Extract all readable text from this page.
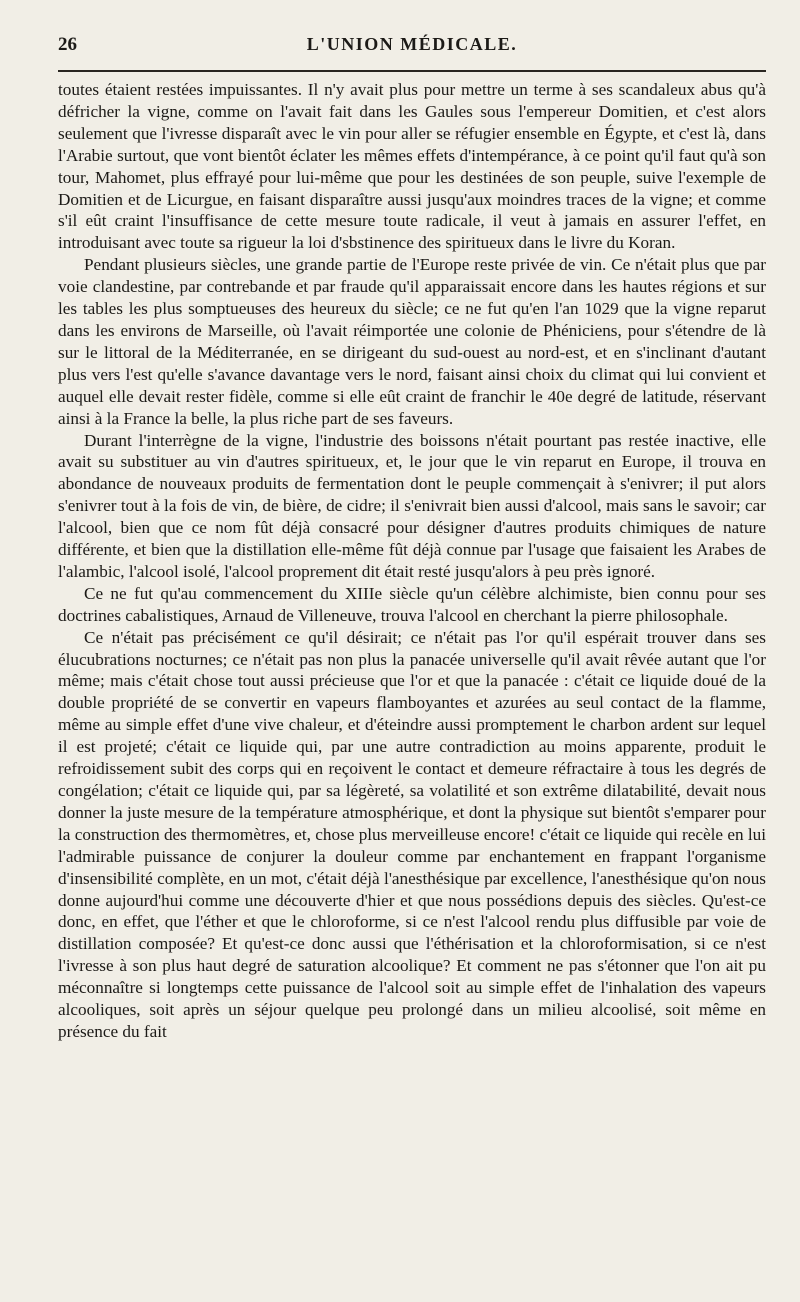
26	L'UNION MÉDICALE.

toutes étaient restées impuissantes. Il n'y avait plus pour mettre un terme à ses scandaleux abus qu'à défricher la vigne, comme on l'avait fait dans les Gaules sous l'empereur Domitien, et c'est alors seulement que l'ivresse disparaît avec le vin pour aller se réfugier ensemble en Égypte, et c'est là, dans l'Arabie surtout, que vont bientôt éclater les mêmes effets d'intempérance, à ce point qu'il faut qu'à son tour, Mahomet, plus effrayé pour lui-même que pour les destinées de son peuple, suive l'exemple de Domitien et de Licurgue, en faisant disparaître aussi jusqu'aux moindres traces de la vigne; et comme s'il eût craint l'insuffisance de cette mesure toute radicale, il veut à jamais en assurer l'effet, en introduisant avec toute sa rigueur la loi d'sbstinence des spiritueux dans le livre du Koran.

Pendant plusieurs siècles, une grande partie de l'Europe reste privée de vin. Ce n'était plus que par voie clandestine, par contrebande et par fraude qu'il apparaissait encore dans les hautes régions et sur les tables les plus somptueuses des heureux du siècle; ce ne fut qu'en l'an 1029 que la vigne reparut dans les environs de Marseille, où l'avait réimportée une colonie de Phéniciens, pour s'étendre de là sur le littoral de la Méditerranée, en se dirigeant du sud-ouest au nord-est, et en s'inclinant d'autant plus vers l'est qu'elle s'avance davantage vers le nord, faisant ainsi choix du climat qui lui convient et auquel elle devait rester fidèle, comme si elle eût craint de franchir le 40e degré de latitude, réservant ainsi à la France la belle, la plus riche part de ses faveurs.

Durant l'interrègne de la vigne, l'industrie des boissons n'était pourtant pas restée inactive, elle avait su substituer au vin d'autres spiritueux, et, le jour que le vin reparut en Europe, il trouva en abondance de nouveaux produits de fermentation dont le peuple commençait à s'enivrer; il put alors s'enivrer tout à la fois de vin, de bière, de cidre; il s'enivrait bien aussi d'alcool, mais sans le savoir; car l'alcool, bien que ce nom fût déjà consacré pour désigner d'autres produits chimiques de nature différente, et bien que la distillation elle-même fût déjà connue par l'usage que faisaient les Arabes de l'alambic, l'alcool isolé, l'alcool proprement dit était resté jusqu'alors à peu près ignoré.

Ce ne fut qu'au commencement du XIIIe siècle qu'un célèbre alchimiste, bien connu pour ses doctrines cabalistiques, Arnaud de Villeneuve, trouva l'alcool en cherchant la pierre philosophale.

Ce n'était pas précisément ce qu'il désirait; ce n'était pas l'or qu'il espérait trouver dans ses élucubrations nocturnes; ce n'était pas non plus la panacée universelle qu'il avait rêvée autant que l'or même; mais c'était chose tout aussi précieuse que l'or et que la panacée : c'était ce liquide doué de la double propriété de se convertir en vapeurs flamboyantes et azurées au seul contact de la flamme, même au simple effet d'une vive chaleur, et d'éteindre aussi promptement le charbon ardent sur lequel il est projeté; c'était ce liquide qui, par une autre contradiction au moins apparente, produit le refroidissement subit des corps qui en reçoivent le contact et demeure réfractaire à tous les degrés de congélation; c'était ce liquide qui, par sa légèreté, sa volatilité et son extrême dilatabilité, devait nous donner la juste mesure de la température atmosphérique, et dont la physique sut bientôt s'emparer pour la construction des thermomètres, et, chose plus merveilleuse encore! c'était ce liquide qui recèle en lui l'admirable puissance de conjurer la douleur comme par enchantement en frappant l'organisme d'insensibilité complète, en un mot, c'était déjà l'anesthésique par excellence, l'anesthésique qu'on nous donne aujourd'hui comme une découverte d'hier et que nous possédions depuis des siècles. Qu'est-ce donc, en effet, que l'éther et que le chloroforme, si ce n'est l'alcool rendu plus diffusible par voie de distillation composée? Et qu'est-ce donc aussi que l'éthérisation et la chloroformisation, si ce n'est l'ivresse à son plus haut degré de saturation alcoolique? Et comment ne pas s'étonner que l'on ait pu méconnaître si longtemps cette puissance de l'alcool soit au simple effet de l'inhalation des vapeurs alcooliques, soit après un séjour quelque peu prolongé dans un milieu alcoolisé, soit même en présence du fait
